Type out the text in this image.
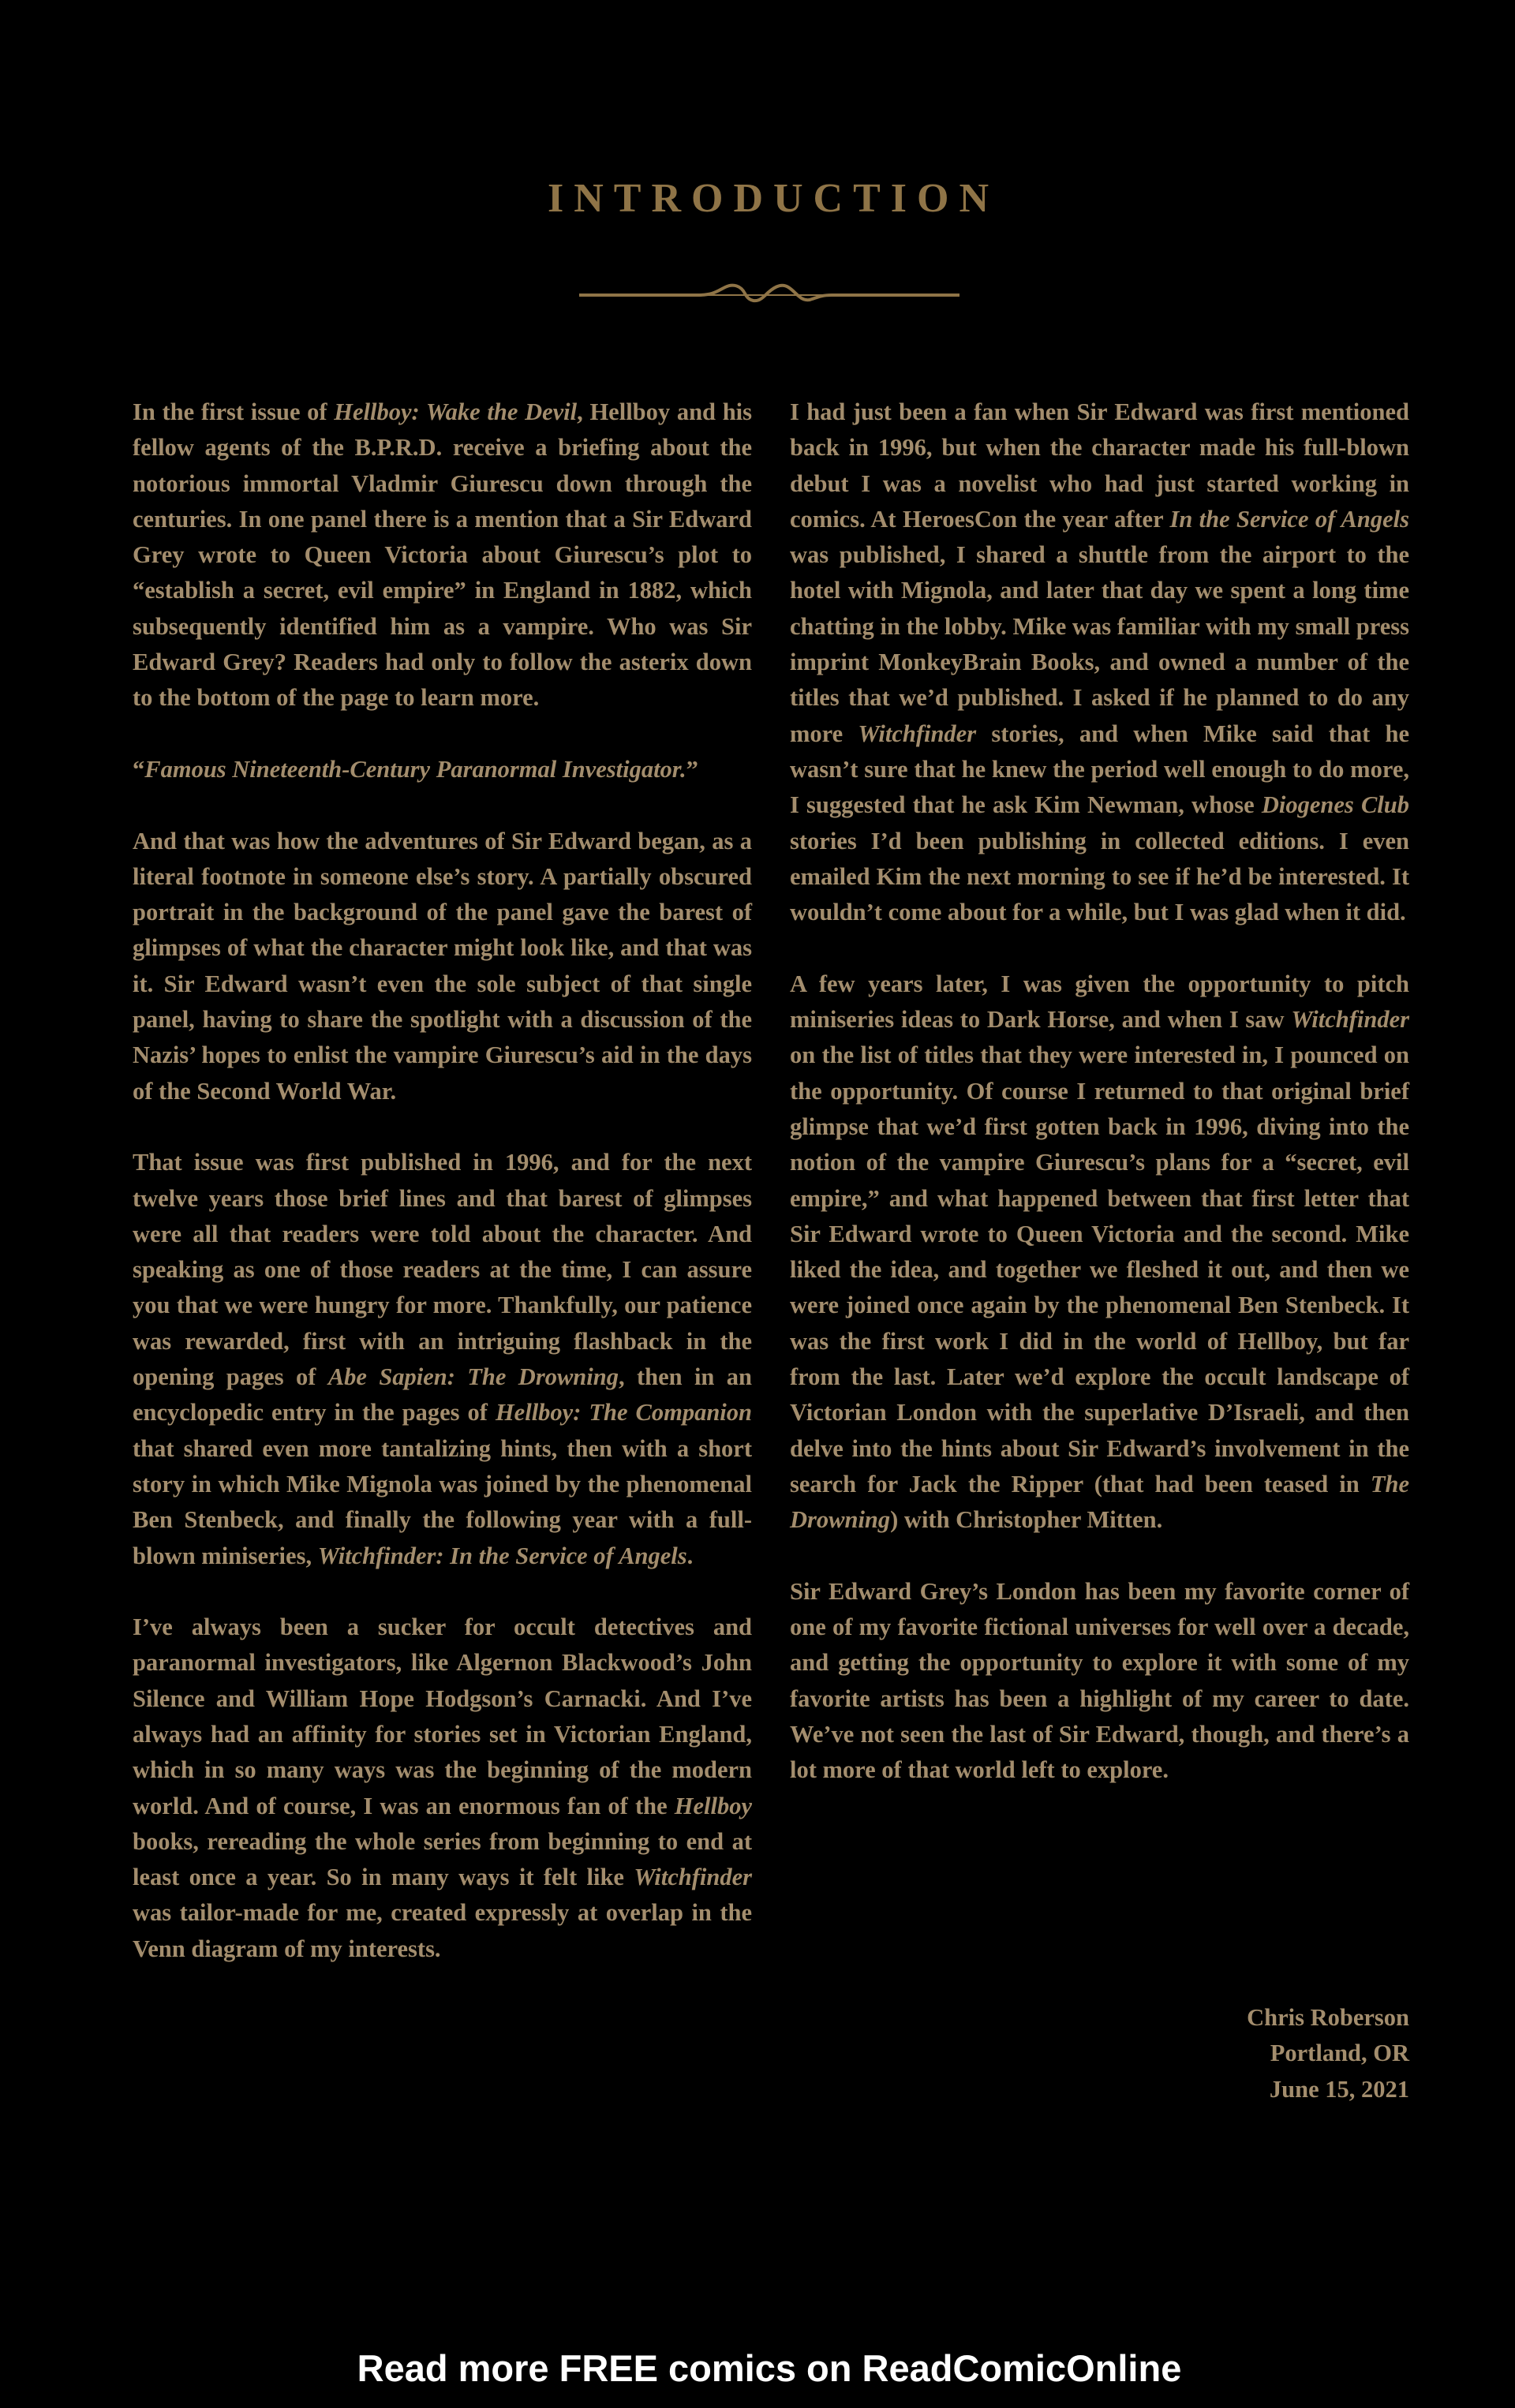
INTRODUCTION

In the first issue of Hellboy: Wake the Devil, Hellboy and his fellow agents of the B.P.R.D. receive a briefing about the notorious immortal Vladmir Giurescu down through the centuries. In one panel there is a mention that a Sir Edward Grey wrote to Queen Victoria about Giurescu’s plot to “establish a secret, evil empire” in England in 1882, which subsequently identified him as a vampire. Who was Sir Edward Grey? Readers had only to follow the asterix down to the bottom of the page to learn more.

“Famous Nineteenth-Century Paranormal Investigator.”

And that was how the adventures of Sir Edward began, as a literal footnote in someone else’s story. A partially obscured portrait in the background of the panel gave the barest of glimpses of what the character might look like, and that was it. Sir Edward wasn’t even the sole subject of that single panel, having to share the spotlight with a discussion of the Nazis’ hopes to enlist the vampire Giurescu’s aid in the days of the Second World War.

That issue was first published in 1996, and for the next twelve years those brief lines and that barest of glimpses were all that readers were told about the character. And speaking as one of those readers at the time, I can assure you that we were hungry for more. Thankfully, our patience was rewarded, first with an intriguing flashback in the opening pages of Abe Sapien: The Drowning, then in an encyclopedic entry in the pages of Hellboy: The Companion that shared even more tantalizing hints, then with a short story in which Mike Mignola was joined by the phenomenal Ben Stenbeck, and finally the following year with a full-blown miniseries, Witchfinder: In the Service of Angels.

I’ve always been a sucker for occult detectives and paranormal investigators, like Algernon Blackwood’s John Silence and William Hope Hodgson’s Carnacki. And I’ve always had an affinity for stories set in Victorian England, which in so many ways was the beginning of the modern world. And of course, I was an enormous fan of the Hellboy books, rereading the whole series from beginning to end at least once a year. So in many ways it felt like Witchfinder was tailor-made for me, created expressly at overlap in the Venn diagram of my interests.

I had just been a fan when Sir Edward was first mentioned back in 1996, but when the character made his full-blown debut I was a novelist who had just started working in comics. At HeroesCon the year after In the Service of Angels was published, I shared a shuttle from the airport to the hotel with Mignola, and later that day we spent a long time chatting in the lobby. Mike was familiar with my small press imprint MonkeyBrain Books, and owned a number of the titles that we’d published. I asked if he planned to do any more Witchfinder stories, and when Mike said that he wasn’t sure that he knew the period well enough to do more, I suggested that he ask Kim Newman, whose Diogenes Club stories I’d been publishing in collected editions. I even emailed Kim the next morning to see if he’d be interested. It wouldn’t come about for a while, but I was glad when it did.

A few years later, I was given the opportunity to pitch miniseries ideas to Dark Horse, and when I saw Witchfinder on the list of titles that they were interested in, I pounced on the opportunity. Of course I returned to that original brief glimpse that we’d first gotten back in 1996, diving into the notion of the vampire Giurescu’s plans for a “secret, evil empire,” and what happened between that first letter that Sir Edward wrote to Queen Victoria and the second. Mike liked the idea, and together we fleshed it out, and then we were joined once again by the phenomenal Ben Stenbeck. It was the first work I did in the world of Hellboy, but far from the last. Later we’d explore the occult landscape of Victorian London with the superlative D’Israeli, and then delve into the hints about Sir Edward’s involvement in the search for Jack the Ripper (that had been teased in The Drowning) with Christopher Mitten.

Sir Edward Grey’s London has been my favorite corner of one of my favorite fictional universes for well over a decade, and getting the opportunity to explore it with some of my favorite artists has been a highlight of my career to date. We’ve not seen the last of Sir Edward, though, and there’s a lot more of that world left to explore.

Chris Roberson
Portland, OR
June 15, 2021
Read more FREE comics on ReadComicOnline
